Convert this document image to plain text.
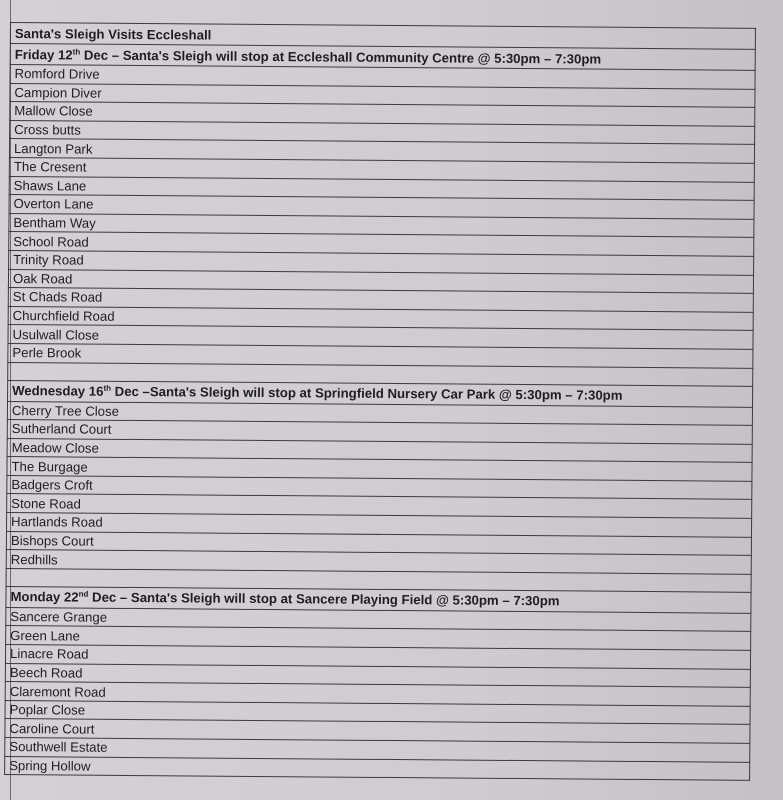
Santa's Sleigh Visits Eccleshall
Friday 12th Dec – Santa's Sleigh will stop at Eccleshall Community Centre @ 5:30pm – 7:30pm
Romford Drive
Campion Diver
Mallow Close
Cross butts
Langton Park
The Cresent
Shaws Lane
Overton Lane
Bentham Way
School Road
Trinity Road
Oak Road
St Chads Road
Churchfield Road
Usulwall Close
Perle Brook

Wednesday 16th Dec –Santa's Sleigh will stop at Springfield Nursery Car Park @ 5:30pm – 7:30pm
Cherry Tree Close
Sutherland Court
Meadow Close
The Burgage
Badgers Croft
Stone Road
Hartlands Road
Bishops Court
Redhills

Monday 22nd Dec – Santa's Sleigh will stop at Sancere Playing Field @ 5:30pm – 7:30pm
Sancere Grange
Green Lane
Linacre Road
Beech Road
Claremont Road
Poplar Close
Caroline Court
Southwell Estate
Spring Hollow
